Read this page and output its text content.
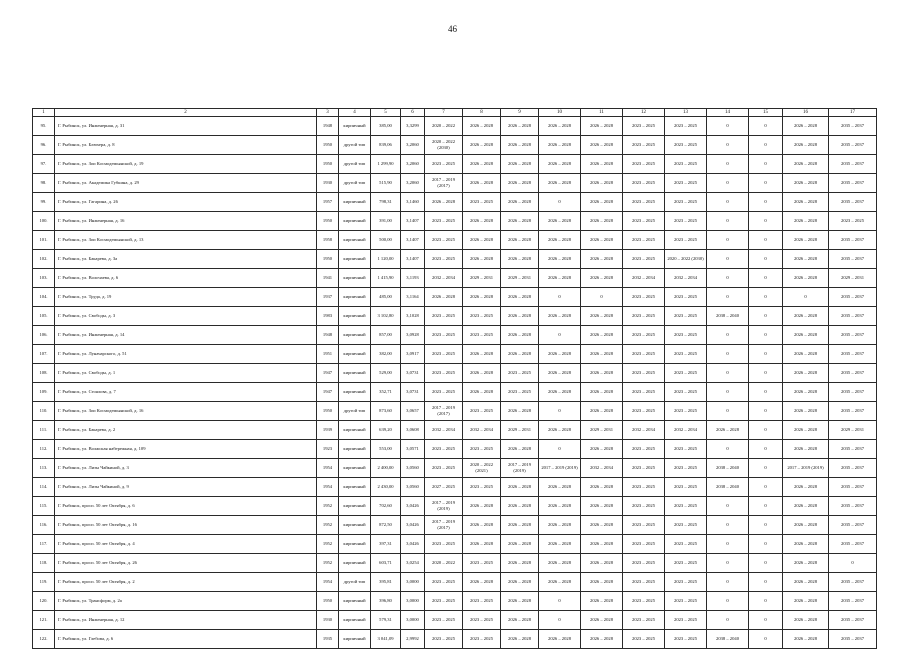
46
1	2	3	4	5	6	7	8	9	10	11	12	13	14	15	16	17
95.	Г. Рыбинск, ул. Инженерная, д. 31	1948	кирпичный	385,00	3,3299	2020 – 2022	2026 – 2028	2026 – 2028	2026 – 2028	2026 – 2028	2023 – 2025	2023 – 2025	0	0	2026 – 2028	2035 – 2037
96.	Г. Рыбинск, ул. Блюхера, д. 8	1950	другой тип	839,06	3,2060	2020 – 2022 (2030)	2026 – 2028	2026 – 2028	2026 – 2028	2026 – 2028	2023 – 2025	2023 – 2025	0	0	2026 – 2028	2035 – 2037
97.	Г. Рыбинск, ул. Зои Космодемьянской, д. 19	1950	другой тип	1 299,90	3,2060	2023 – 2025	2026 – 2028	2026 – 2028	2026 – 2028	2026 – 2028	2023 – 2025	2023 – 2025	0	0	2026 – 2028	2035 – 2037
98.	Г. Рыбинск, ул. Академика Губкина, д. 29	1930	другой тип	515,90	3,2060	2017 – 2019 (2017)	2026 – 2028	2026 – 2028	2026 – 2028	2026 – 2028	2023 – 2025	2023 – 2025	0	0	2026 – 2028	2035 – 2037
99.	Г. Рыбинск, ул. Гагарина, д. 26	1957	кирпичный	798,31	3,1460	2026 – 2028	2023 – 2025	2026 – 2028	0	2026 – 2028	2023 – 2025	2023 – 2025	0	0	2026 – 2028	2035 – 2037
100.	Г. Рыбинск, ул. Инженерная, д. 16	1950	кирпичный	391,00	3,1407	2023 – 2025	2026 – 2028	2026 – 2028	2026 – 2028	2026 – 2028	2023 – 2025	2023 – 2025	0	0	2026 – 2028	2023 – 2025
101.	Г. Рыбинск, ул. Зои Космодемьянской, д. 13	1958	кирпичный	500,00	3,1407	2023 – 2025	2026 – 2028	2026 – 2028	2026 – 2028	2026 – 2028	2023 – 2025	2023 – 2025	0	0	2026 – 2028	2035 – 2037
102.	Г. Рыбинск, ул. Бакарева, д. 3а	1950	кирпичный	1 120,00	3,1407	2023 – 2025	2026 – 2028	2026 – 2028	2026 – 2028	2026 – 2028	2023 – 2025	2020 – 2022 (2030)	0	0	2026 – 2028	2035 – 2037
103.	Г. Рыбинск, ул. Волочаева, д. 6	1941	кирпичный	1 415,90	3,1193	2032 – 2034	2029 – 2031	2029 – 2031	2026 – 2028	2026 – 2028	2032 – 2034	2032 – 2034	0	0	2026 – 2028	2029 – 2031
104.	Г. Рыбинск, ул. Труда, д. 19	1937	кирпичный	485,00	3,1164	2026 – 2028	2026 – 2028	2026 – 2028	0	0	2023 – 2025	2023 – 2025	0	0	0	2035 – 2037
105.	Г. Рыбинск, ул. Свободы, д. 3	1983	кирпичный	3 102,80	3,1028	2023 – 2025	2023 – 2025	2026 – 2028	2026 – 2028	2026 – 2028	2023 – 2025	2023 – 2025	2038 – 2040	0	2026 – 2028	2035 – 2037
106.	Г. Рыбинск, ул. Инженерная, д. 14	1948	кирпичный	857,00	3,0928	2023 – 2025	2023 – 2025	2026 – 2028	0	2026 – 2028	2023 – 2025	2023 – 2025	0	0	2026 – 2028	2035 – 2037
107.	Г. Рыбинск, ул. Луначарского, д. 51	1951	кирпичный	382,00	3,0917	2023 – 2025	2026 – 2028	2026 – 2028	2026 – 2028	2026 – 2028	2023 – 2025	2023 – 2025	0	0	2026 – 2028	2035 – 2037
108.	Г. Рыбинск, ул. Свободы, д. 1	1947	кирпичный	529,00	3,0731	2023 – 2025	2026 – 2028	2023 – 2025	2026 – 2028	2026 – 2028	2023 – 2025	2023 – 2025	0	0	2026 – 2028	2035 – 2037
109.	Г. Рыбинск, ул. Стоялова, д. 7	1947	кирпичный	352,71	3,0731	2023 – 2025	2026 – 2028	2023 – 2025	2026 – 2028	2026 – 2028	2023 – 2025	2023 – 2025	0	0	2026 – 2028	2035 – 2037
110.	Г. Рыбинск, ул. Зои Космодемьянской, д. 16	1950	другой тип	873,60	3,0657	2017 – 2019 (2017)	2023 – 2025	2026 – 2028	0	2026 – 2028	2023 – 2025	2023 – 2025	0	0	2026 – 2028	2035 – 2037
111.	Г. Рыбинск, ул. Бакарева, д. 2	1939	кирпичный	639,20	3,0608	2032 – 2034	2032 – 2034	2029 – 2031	2026 – 2028	2029 – 2031	2032 – 2034	2032 – 2034	2026 – 2028	0	2026 – 2028	2029 – 2031
112.	Г. Рыбинск, ул. Волжская набережная, д. 109	1923	кирпичный	553,00	3,0571	2023 – 2025	2023 – 2025	2026 – 2028	0	2026 – 2028	2023 – 2025	2023 – 2025	0	0	2026 – 2028	2035 – 2037
113.	Г. Рыбинск, ул. Лизы Чайкиной, д. 3	1954	кирпичный	2 400,00	3,0560	2023 – 2025	2020 – 2022 (2021)	2017 – 2019 (2019)	2017 – 2019 (2019)	2032 – 2034	2023 – 2025	2023 – 2025	2038 – 2040	0	2017 – 2019 (2019)	2035 – 2037
114.	Г. Рыбинск, ул. Лизы Чайкиной, д. 9	1954	кирпичный	2 430,00	3,0560	2027 – 2025	2023 – 2025	2026 – 2028	2026 – 2028	2026 – 2028	2023 – 2025	2023 – 2025	2038 – 2040	0	2026 – 2028	2035 – 2037
115.	Г. Рыбинск, просп. 50 лет Октября, д. 6	1952	кирпичный	702,60	3,0426	2017 – 2019 (2019)	2026 – 2028	2026 – 2028	2026 – 2028	2026 – 2028	2023 – 2025	2023 – 2025	0	0	2026 – 2028	2035 – 2037
116.	Г. Рыбинск, просп. 50 лет Октября, д. 16	1952	кирпичный	872,50	3,0426	2017 – 2019 (2017)	2026 – 2028	2026 – 2028	2026 – 2028	2026 – 2028	2023 – 2025	2023 – 2025	0	0	2026 – 2028	2035 – 2037
117.	Г. Рыбинск, просп. 50 лет Октября, д. 4	1952	кирпичный	397,31	3,0426	2023 – 2025	2026 – 2028	2026 – 2028	2026 – 2028	2026 – 2028	2023 – 2025	2023 – 2025	0	0	2026 – 2028	2035 – 2037
118.	Г. Рыбинск, просп. 50 лет Октября, д. 26	1952	кирпичный	603,71	3,0254	2020 – 2022	2023 – 2025	2026 – 2028	2026 – 2028	2026 – 2028	2023 – 2025	2023 – 2025	0	0	2026 – 2028	0
119.	Г. Рыбинск, просп. 50 лет Октября, д. 2	1954	другой тип	395,81	3,0000	2023 – 2025	2026 – 2028	2026 – 2028	2026 – 2028	2026 – 2028	2023 – 2025	2023 – 2025	0	0	2026 – 2028	2035 – 2037
120.	Г. Рыбинск, ул. Трансформ, д. 2а	1950	кирпичный	396,80	3,0000	2023 – 2025	2023 – 2025	2026 – 2028	0	2026 – 2028	2023 – 2025	2023 – 2025	0	0	2026 – 2028	2035 – 2037
121.	Г. Рыбинск, ул. Инженерная, д. 12	1930	кирпичный	579,31	3,0000	2023 – 2025	2023 – 2025	2026 – 2028	0	2026 – 2028	2023 – 2025	2023 – 2025	0	0	2026 – 2028	2035 – 2037
122.	Г. Рыбинск, ул. Глебова, д. 6	1935	кирпичный	3 041,09	2,9992	2023 – 2025	2023 – 2025	2026 – 2028	2026 – 2028	2026 – 2028	2023 – 2025	2023 – 2025	2038 – 2040	0	2026 – 2028	2035 – 2037
